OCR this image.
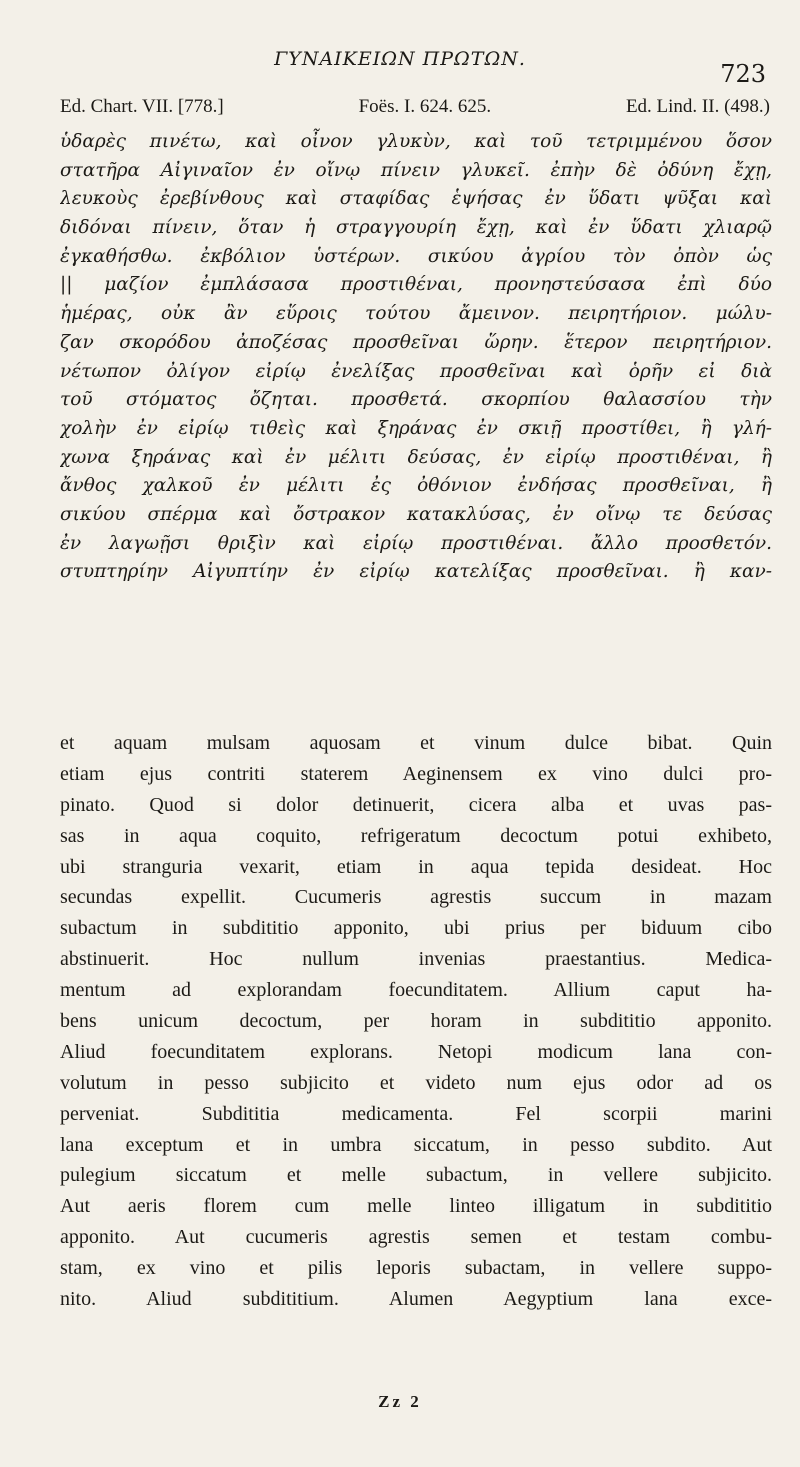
ΓΥΝΑΙΚΕΙΩΝ ΠΡΩΤΩΝ.
723
Ed. Chart. VII. [778.]	Foës. I. 624. 625.	Ed. Lind. II. (498.)
ὑδαρὲς πινέτω, καὶ οἶνον γλυκὺν, καὶ τοῦ τετριμμένου ὅσον
στατῆρα Αἰγιναῖον ἐν οἴνῳ πίνειν γλυκεῖ. ἐπὴν δὲ ὀδύνη ἔχῃ,
λευκοὺς ἐρεβίνθους καὶ σταφίδας ἑψήσας ἐν ὕδατι ψῦξαι καὶ
διδόναι πίνειν, ὅταν ἡ στραγγουρίη ἔχῃ, καὶ ἐν ὕδατι χλιαρῷ
ἐγκαθήσθω. ἐκβόλιον ὑστέρων. σικύου ἀγρίου τὸν ὀπὸν ὡς
|| μαζίον ἐμπλάσασα προστιθέναι, προνηστεύσασα ἐπὶ δύο
ἡμέρας, οὐκ ἂν εὕροις τούτου ἄμεινον. πειρητήριον. μώλυ-
ζαν σκορόδου ἀποζέσας προσθεῖναι ὥρην. ἕτερον πειρητήριον.
νέτωπον ὀλίγον εἰρίῳ ἐνελίξας προσθεῖναι καὶ ὁρῆν εἰ διὰ
τοῦ στόματος ὄζηται. προσθετά. σκορπίου θαλασσίου τὴν
χολὴν ἐν εἰρίῳ τιθεὶς καὶ ξηράνας ἐν σκιῇ προστίθει, ἢ γλή-
χωνα ξηράνας καὶ ἐν μέλιτι δεύσας, ἐν εἰρίῳ προστιθέναι, ἢ
ἄνθος χαλκοῦ ἐν μέλιτι ἐς ὀθόνιον ἐνδήσας προσθεῖναι, ἢ
σικύου σπέρμα καὶ ὄστρακον κατακλύσας, ἐν οἴνῳ τε δεύσας
ἐν λαγωῇσι θριξὶν καὶ εἰρίῳ προστιθέναι. ἄλλο προσθετόν.
στυπτηρίην Αἰγυπτίην ἐν εἰρίῳ κατελίξας προσθεῖναι. ἢ καν-
et aquam mulsam aquosam et vinum dulce bibat. Quin
etiam ejus contriti staterem Aeginensem ex vino dulci pro-
pinato. Quod si dolor detinuerit, cicera alba et uvas pas-
sas in aqua coquito, refrigeratum decoctum potui exhibeto,
ubi stranguria vexarit, etiam in aqua tepida desideat. Hoc
secundas expellit. Cucumeris agrestis succum in mazam
subactum in subdititio apponito, ubi prius per biduum cibo
abstinuerit. Hoc nullum invenias praestantius. Medica-
mentum ad explorandam foecunditatem. Allium caput ha-
bens unicum decoctum, per horam in subdititio apponito.
Aliud foecunditatem explorans. Netopi modicum lana con-
volutum in pesso subjicito et videto num ejus odor ad os
perveniat. Subdititia medicamenta. Fel scorpii marini
lana exceptum et in umbra siccatum, in pesso subdito. Aut
pulegium siccatum et melle subactum, in vellere subjicito.
Aut aeris florem cum melle linteo illigatum in subdititio
apponito. Aut cucumeris agrestis semen et testam combu-
stam, ex vino et pilis leporis subactam, in vellere suppo-
nito. Aliud subdititium. Alumen Aegyptium lana exce-
Zz 2
